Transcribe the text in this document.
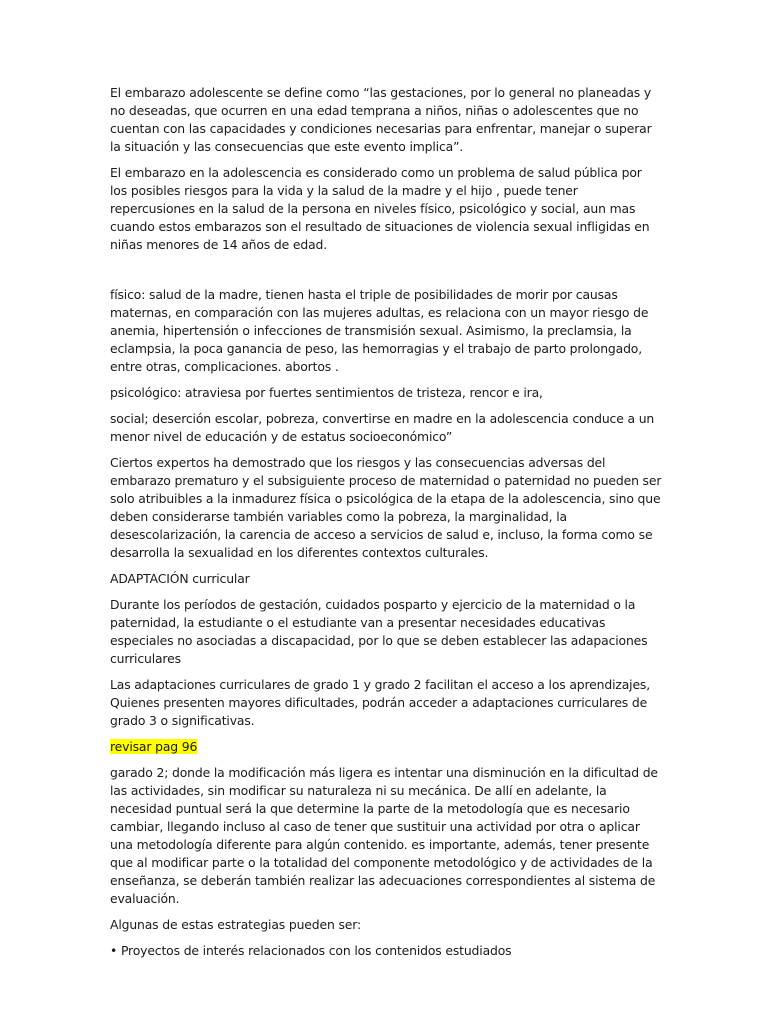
El embarazo adolescente se define como “las gestaciones, por lo general no planeadas y no deseadas, que ocurren en una edad temprana a niños, niñas o adolescentes que no cuentan con las capacidades y condiciones necesarias para enfrentar, manejar o superar la situación y las consecuencias que este evento implica”.

El embarazo en la adolescencia es considerado como un problema de salud pública por los posibles riesgos para la vida y la salud de la madre y el hijo , puede tener repercusiones en la salud de la persona en niveles físico, psicológico y social, aun mas cuando estos embarazos son el resultado de situaciones de violencia sexual infligidas en niñas menores de 14 años de edad.

físico: salud de la madre, tienen hasta el triple de posibilidades de morir por causas maternas, en comparación con las mujeres adultas, es relaciona con un mayor riesgo de anemia, hipertensión o infecciones de transmisión sexual. Asimismo, la preclamsia, la eclampsia, la poca ganancia de peso, las hemorragias y el trabajo de parto prolongado, entre otras, complicaciones. abortos .

psicológico: atraviesa por fuertes sentimientos de tristeza, rencor e ira,

social; deserción escolar, pobreza, convertirse en madre en la adolescencia conduce a un menor nivel de educación y de estatus socioeconómico”

Ciertos expertos ha demostrado que los riesgos y las consecuencias adversas del embarazo prematuro y el subsiguiente proceso de maternidad o paternidad no pueden ser solo atribuibles a la inmadurez física o psicológica de la etapa de la adolescencia, sino que deben considerarse también variables como la pobreza, la marginalidad, la desescolarización, la carencia de acceso a servicios de salud e, incluso, la forma como se desarrolla la sexualidad en los diferentes contextos culturales.

ADAPTACIÓN curricular

Durante los períodos de gestación, cuidados posparto y ejercicio de la maternidad o la paternidad, la estudiante o el estudiante van a presentar necesidades educativas especiales no asociadas a discapacidad, por lo que se deben establecer las adapaciones curriculares

Las adaptaciones curriculares de grado 1 y grado 2 facilitan el acceso a los aprendizajes, Quienes presenten mayores dificultades, podrán acceder a adaptaciones curriculares de grado 3 o significativas.

revisar pag 96

garado 2; donde la modificación más ligera es intentar una disminución en la dificultad de las actividades, sin modificar su naturaleza ni su mecánica. De allí en adelante, la necesidad puntual será la que determine la parte de la metodología que es necesario cambiar, llegando incluso al caso de tener que sustituir una actividad por otra o aplicar una metodología diferente para algún contenido. es importante, además, tener presente que al modificar parte o la totalidad del componente metodológico y de actividades de la enseñanza, se deberán también realizar las adecuaciones correspondientes al sistema de evaluación.

Algunas de estas estrategias pueden ser:

• Proyectos de interés relacionados con los contenidos estudiados
